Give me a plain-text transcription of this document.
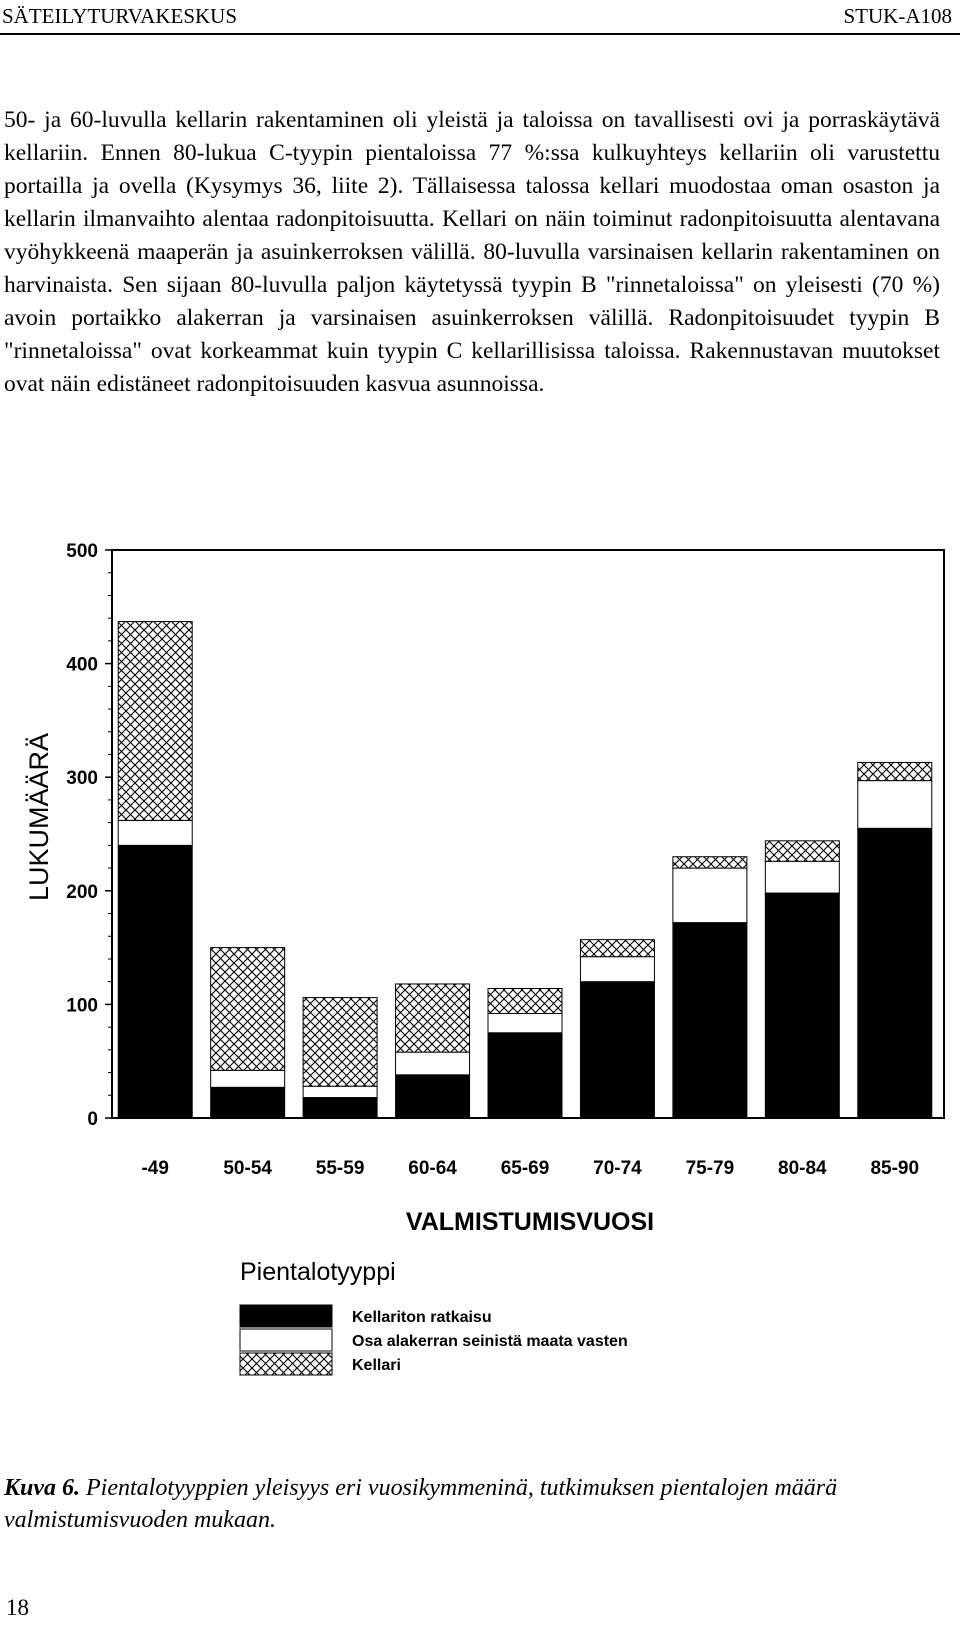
SÄTEILYTURVAKESKUS	STUK-A108

50- ja 60-luvulla kellarin rakentaminen oli yleistä ja taloissa on tavallisesti ovi ja porraskäytävä kellariin. Ennen 80-lukua C-tyypin pientaloissa 77 %:ssa kulkuyhteys kellariin oli varustettu portailla ja ovella (Kysymys 36, liite 2). Tällaisessa talossa kellari muodostaa oman osaston ja kellarin ilmanvaihto alentaa radonpitoisuutta. Kellari on näin toiminut radonpitoisuutta alentavana vyöhykkeenä maaperän ja asuinkerroksen välillä. 80-luvulla varsinaisen kellarin rakentaminen on harvinaista. Sen sijaan 80-luvulla paljon käytetyssä tyypin B "rinnetaloissa" on yleisesti (70 %) avoin portaikko alakerran ja varsinaisen asuinkerroksen välillä. Radonpitoisuudet tyypin B "rinnetaloissa" ovat korkeammat kuin tyypin C kellarillisissa taloissa. Rakennustavan muutokset ovat näin edistäneet radonpitoisuuden kasvua asunnoissa.

0
100
200
300
400
500
LUKUMÄÄRÄ
-49	50-54 55-59 60-64 65-69 70-74 75-79 80-84 85-90
VALMISTUMISVUOSI
Pientalotyyppi
Kellariton ratkaisu
Osa alakerran seinistä maata vasten
Kellari
Kuva 6. Pientalotyyppien yleisyys eri vuosikymmeninä, tutkimuksen pientalojen määrä valmistumisvuoden mukaan.
18
